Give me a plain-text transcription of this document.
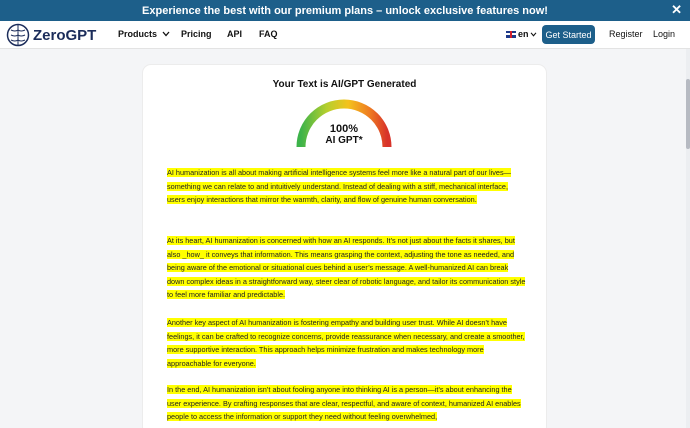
Experience the best with our premium plans – unlock exclusive features now!	✕
ZeroGPT Products	Pricing API FAQ	en	Get Started	Register Login
Your Text is AI/GPT Generated
100%
AI GPT*

AI humanization is all about making artificial intelligence systems feel more like a natural part of our lives—something we can relate to and intuitively understand. Instead of dealing with a stiff, mechanical interface, users enjoy interactions that mirror the warmth, clarity, and flow of genuine human conversation.

At its heart, AI humanization is concerned with how an AI responds. It’s not just about the facts it shares, but also _how_ it conveys that information. This means grasping the context, adjusting the tone as needed, and being aware of the emotional or situational cues behind a user’s message. A well-humanized AI can break down complex ideas in a straightforward way, steer clear of robotic language, and tailor its communication style to feel more familiar and predictable.

Another key aspect of AI humanization is fostering empathy and building user trust. While AI doesn’t have feelings, it can be crafted to recognize concerns, provide reassurance when necessary, and create a smoother, more supportive interaction. This approach helps minimize frustration and makes technology more approachable for everyone.

In the end, AI humanization isn’t about fooling anyone into thinking AI is a person—it’s about enhancing the user experience. By crafting responses that are clear, respectful, and aware of context, humanized AI enables people to access the information or support they need without feeling overwhelmed,
